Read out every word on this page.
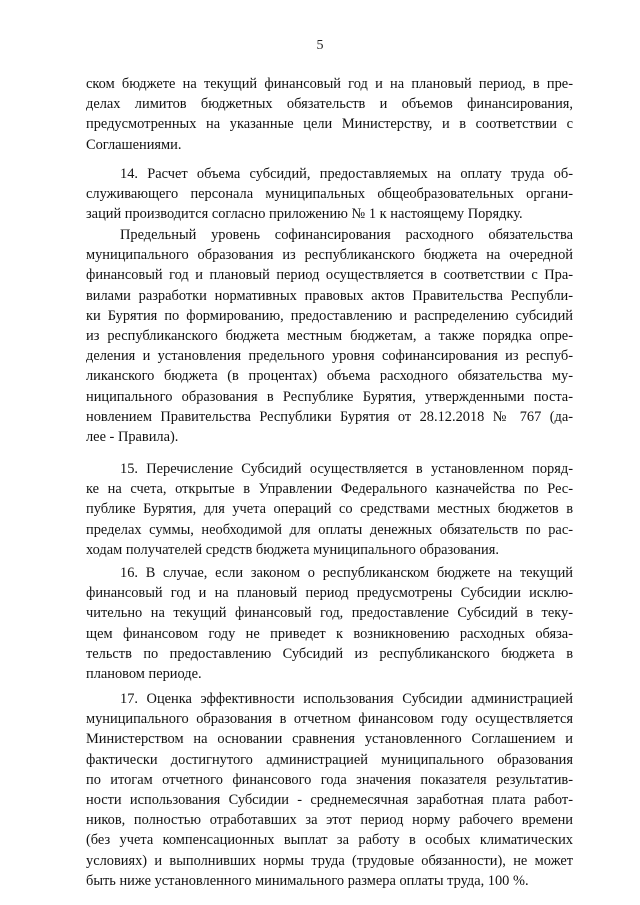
5
ском бюджете на текущий финансовый год и на плановый период, в пре-
делах лимитов бюджетных обязательств и объемов финансирования,
предусмотренных на указанные цели Министерству, и в соответствии с
Соглашениями.
14. Расчет объема субсидий, предоставляемых на оплату труда об-
служивающего персонала муниципальных общеобразовательных органи-
заций производится согласно приложению № 1 к настоящему Порядку.
Предельный уровень софинансирования расходного обязательства
муниципального образования из республиканского бюджета на очередной
финансовый год и плановый период осуществляется в соответствии с Пра-
вилами разработки нормативных правовых актов Правительства Республи-
ки Бурятия по формированию, предоставлению и распределению субсидий
из республиканского бюджета местным бюджетам, а также порядка опре-
деления и установления предельного уровня софинансирования из респуб-
ликанского бюджета (в процентах) объема расходного обязательства му-
ниципального образования в Республике Бурятия, утвержденными поста-
новлением Правительства Республики Бурятия от 28.12.2018 № 767 (да-
лее - Правила).
15. Перечисление Субсидий осуществляется в установленном поряд-
ке на счета, открытые в Управлении Федерального казначейства по Рес-
публике Бурятия, для учета операций со средствами местных бюджетов в
пределах суммы, необходимой для оплаты денежных обязательств по рас-
ходам получателей средств бюджета муниципального образования.
16. В случае, если законом о республиканском бюджете на текущий
финансовый год и на плановый период предусмотрены Субсидии исклю-
чительно на текущий финансовый год, предоставление Субсидий в теку-
щем финансовом году не приведет к возникновению расходных обяза-
тельств по предоставлению Субсидий из республиканского бюджета в
плановом периоде.
17. Оценка эффективности использования Субсидии администрацией
муниципального образования в отчетном финансовом году осуществляется
Министерством на основании сравнения установленного Соглашением и
фактически достигнутого администрацией муниципального образования
по итогам отчетного финансового года значения показателя результатив-
ности использования Субсидии - среднемесячная заработная плата работ-
ников, полностью отработавших за этот период норму рабочего времени
(без учета компенсационных выплат за работу в особых климатических
условиях) и выполнивших нормы труда (трудовые обязанности), не может
быть ниже установленного минимального размера оплаты труда, 100 %.
